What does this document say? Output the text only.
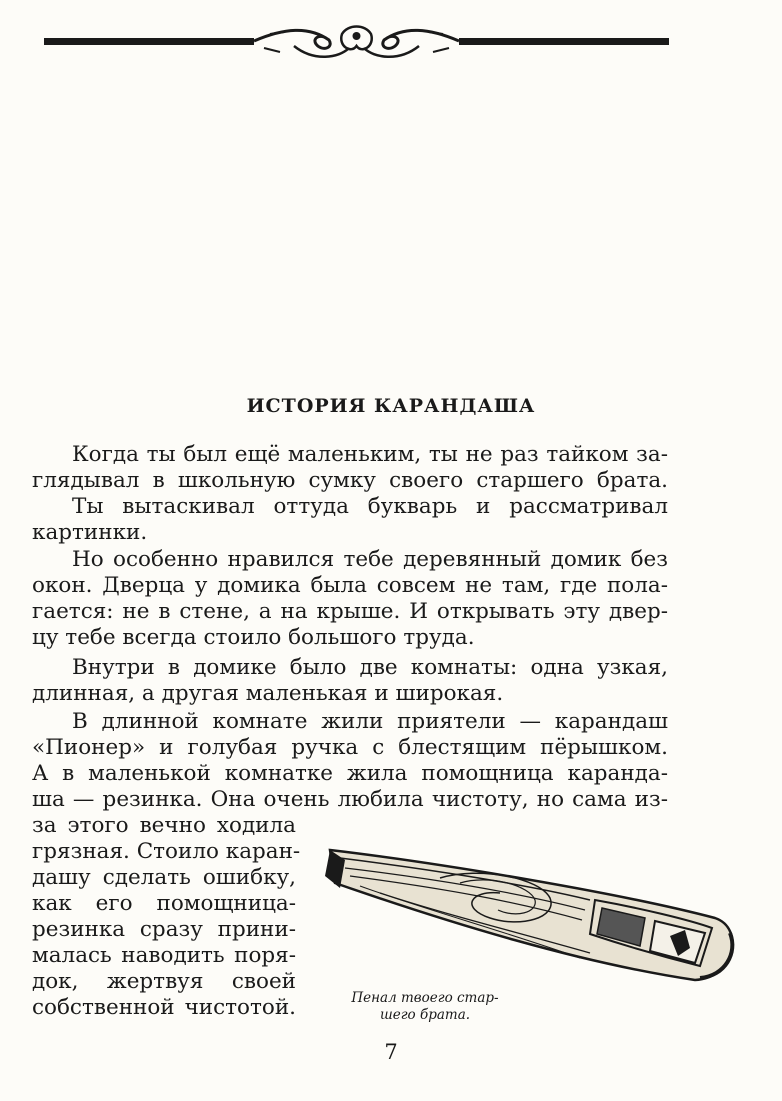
ИСТОРИЯ КАРАНДАША
Когда ты был ещё маленьким, ты не раз тайком за-
глядывал в школьную сумку своего старшего брата.
Ты вытаскивал оттуда букварь и рассматривал
картинки.
Но особенно нравился тебе деревянный домик без
окон. Дверца у домика была совсем не там, где пола-
гается: не в стене, а на крыше. И открывать эту двер-
цу тебе всегда стоило большого труда.
Внутри в домике было две комнаты: одна узкая,
длинная, а другая маленькая и широкая.
В длинной комнате жили приятели — карандаш
«Пионер» и голубая ручка с блестящим пёрышком.
А в маленькой комнатке жила помощница каранда-
ша — резинка. Она очень любила чистоту, но сама из-
за этого вечно ходила
грязная. Стоило каран-
дашу сделать ошибку,
как его помощница-
резинка сразу прини-
малась наводить поря-
док, жертвуя своей
собственной чистотой.	Пенал твоего стар-
шего брата.
7
